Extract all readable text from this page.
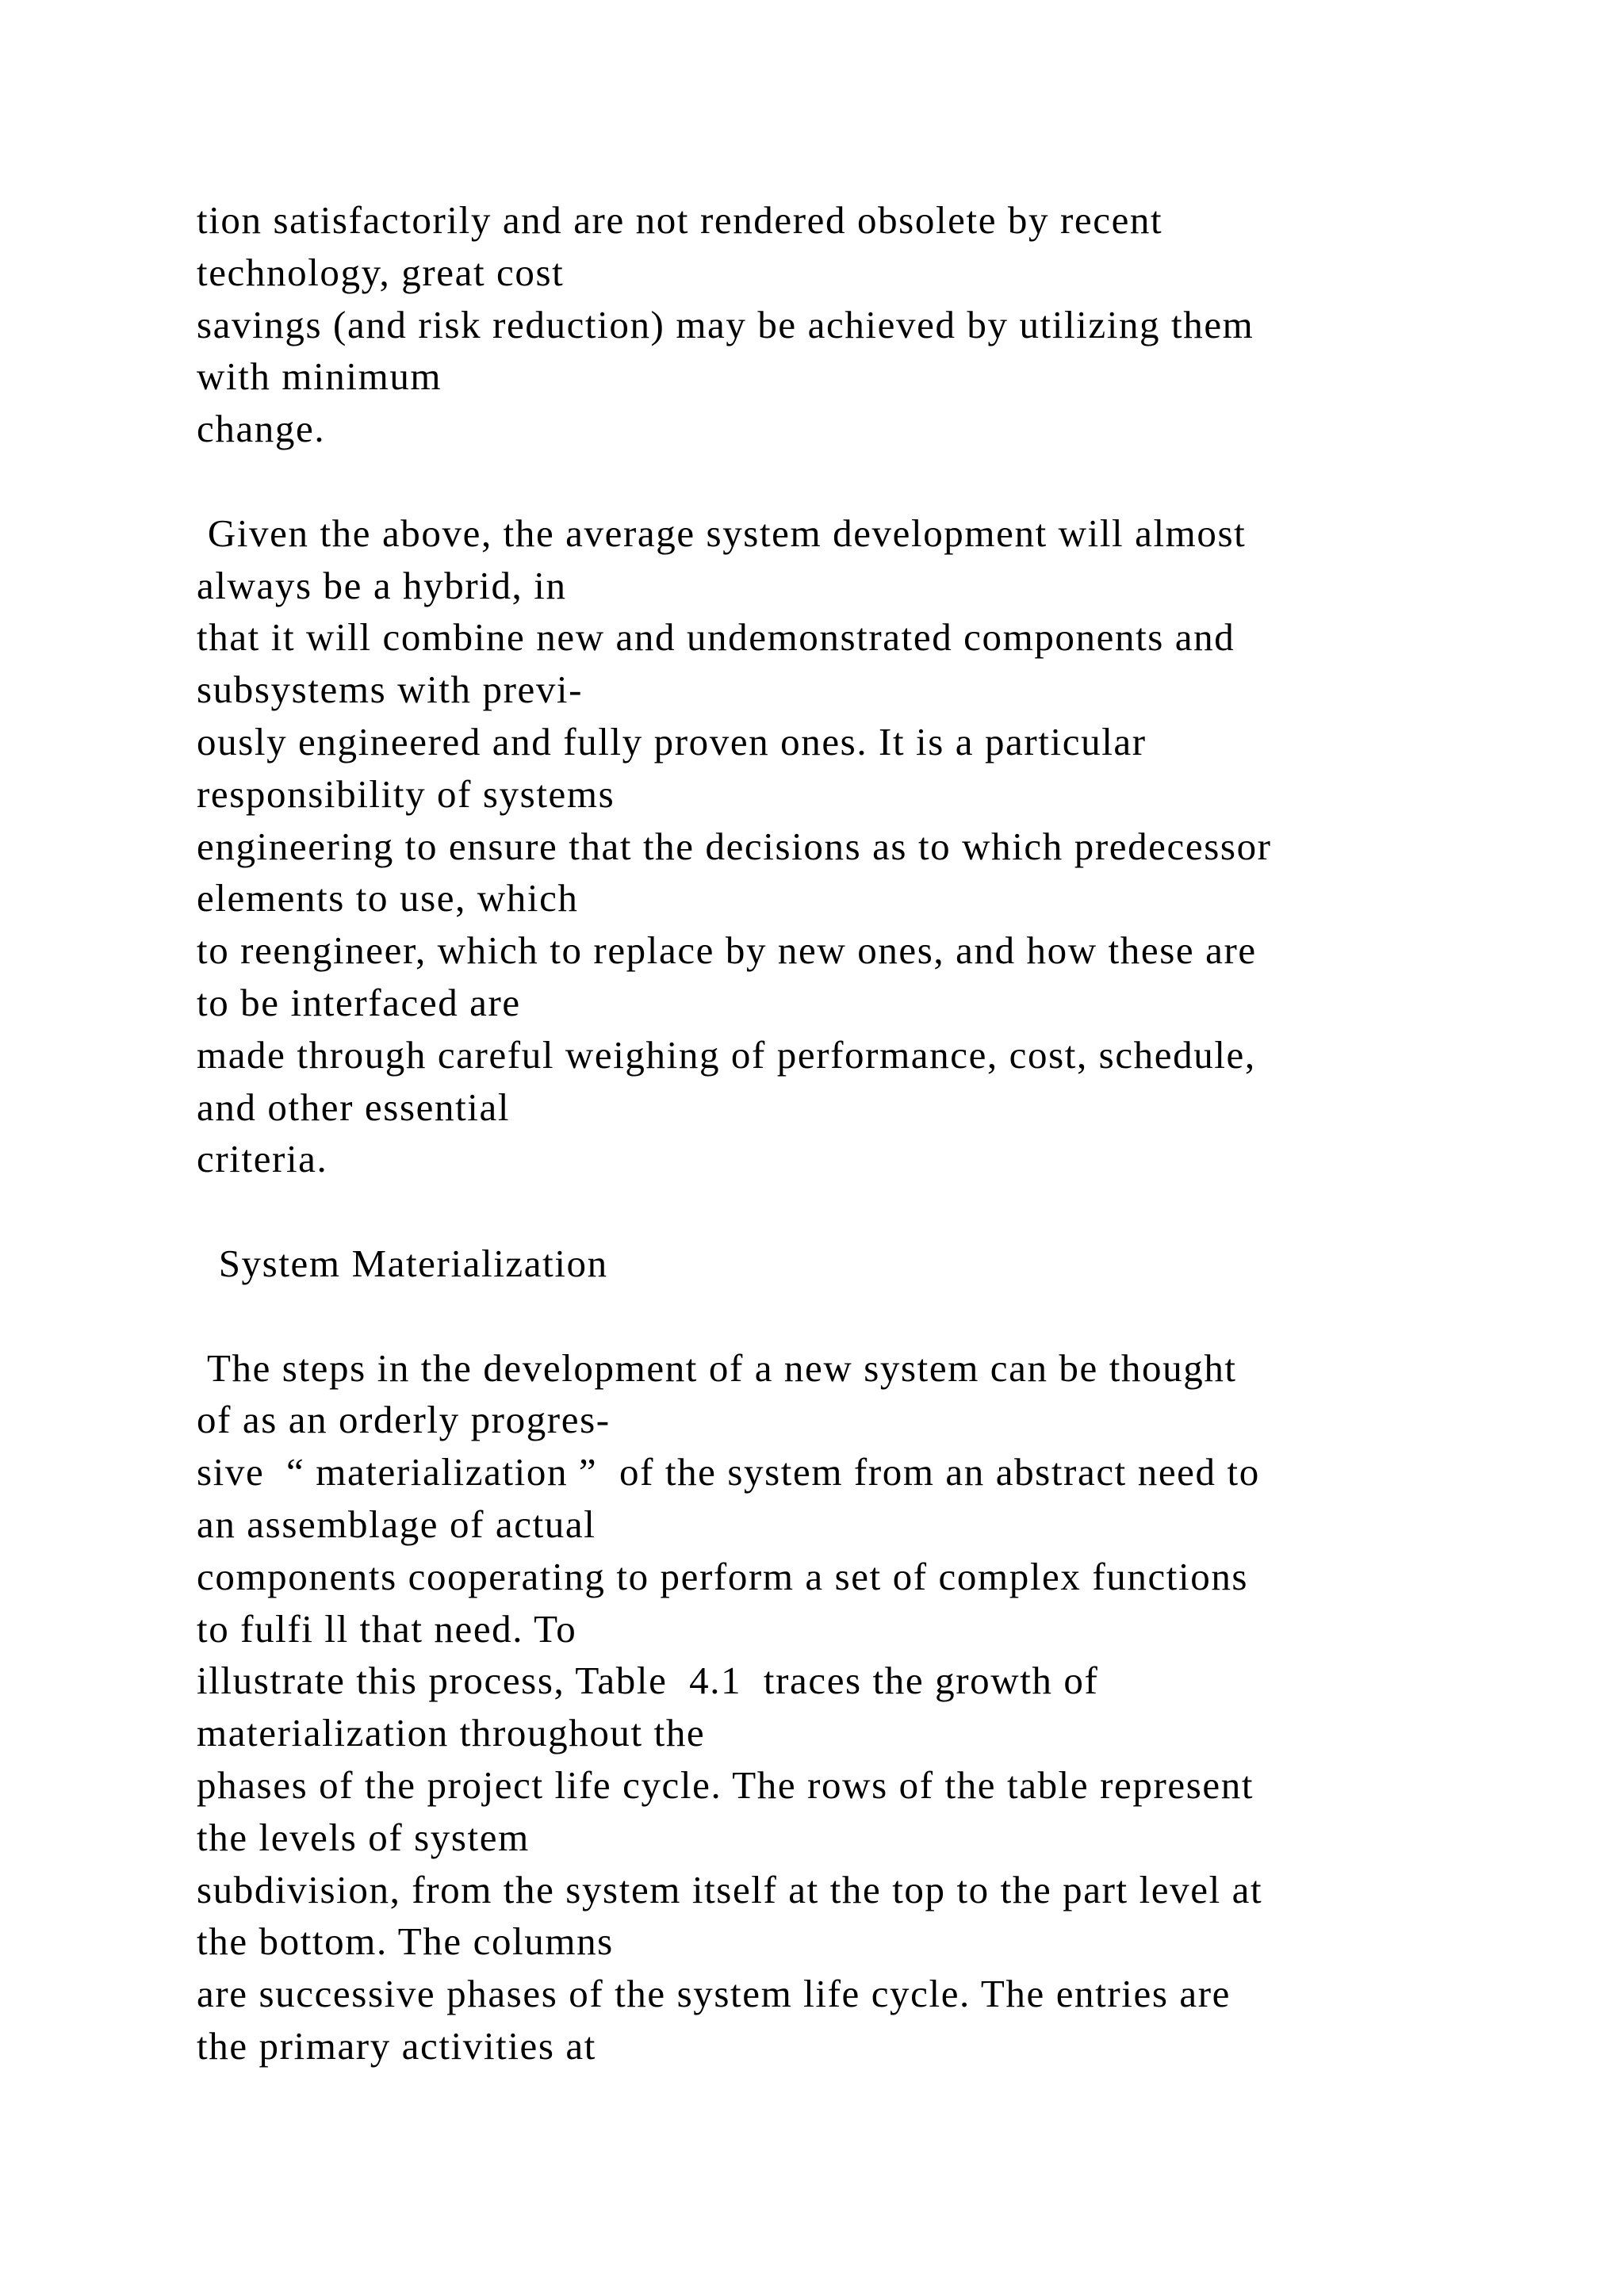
tion satisfactorily and are not rendered obsolete by recent
technology, great cost
savings (and risk reduction) may be achieved by utilizing them
with minimum
change.
Given the above, the average system development will almost
always be a hybrid, in
that it will combine new and undemonstrated components and
subsystems with previ-
ously engineered and fully proven ones. It is a particular
responsibility of systems
engineering to ensure that the decisions as to which predecessor
elements to use, which
to reengineer, which to replace by new ones, and how these are
to be interfaced are
made through careful weighing of performance, cost, schedule,
and other essential
criteria.
System Materialization
The steps in the development of a new system can be thought
of as an orderly progres-
sive  “ materialization ”  of the system from an abstract need to
an assemblage of actual
components cooperating to perform a set of complex functions
to fulfi ll that need. To
illustrate this process, Table  4.1  traces the growth of
materialization throughout the
phases of the project life cycle. The rows of the table represent
the levels of system
subdivision, from the system itself at the top to the part level at
the bottom. The columns
are successive phases of the system life cycle. The entries are
the primary activities at
